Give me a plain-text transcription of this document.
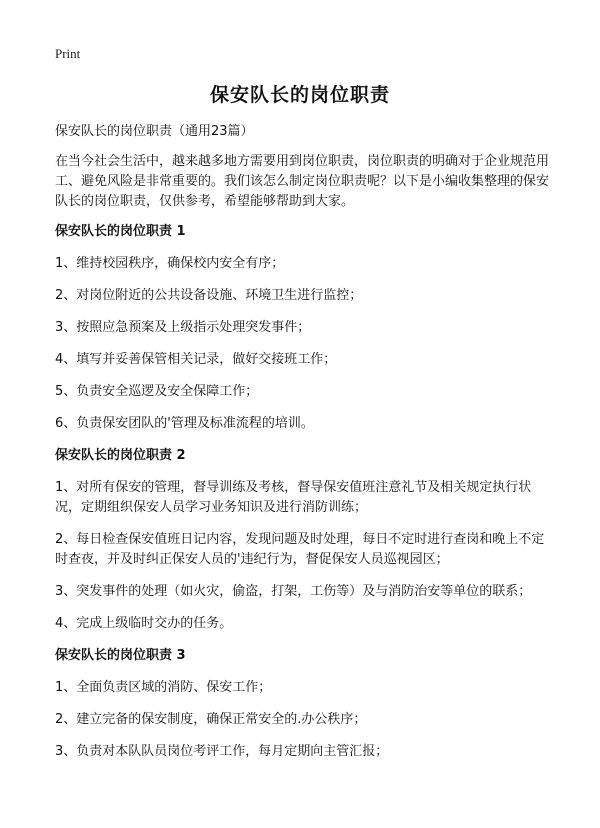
Print
保安队长的岗位职责

保安队长的岗位职责（通用23篇）

在当今社会生活中，越来越多地方需要用到岗位职责，岗位职责的明确对于企业规范用工、避免风险是非常重要的。我们该怎么制定岗位职责呢？以下是小编收集整理的保安队长的岗位职责，仅供参考，希望能够帮助到大家。

保安队长的岗位职责 1

1、维持校园秩序，确保校内安全有序；

2、对岗位附近的公共设备设施、环境卫生进行监控；

3、按照应急预案及上级指示处理突发事件；

4、填写并妥善保管相关记录，做好交接班工作；

5、负责安全巡逻及安全保障工作；

6、负责保安团队的'管理及标准流程的培训。

保安队长的岗位职责 2

1、对所有保安的管理，督导训练及考核，督导保安值班注意礼节及相关规定执行状况，定期组织保安人员学习业务知识及进行消防训练；

2、每日检查保安值班日记内容，发现问题及时处理，每日不定时进行查岗和晚上不定时查夜，并及时纠正保安人员的'违纪行为，督促保安人员巡视园区；

3、突发事件的处理（如火灾，偷盗，打架，工伤等）及与消防治安等单位的联系；

4、完成上级临时交办的任务。

保安队长的岗位职责 3

1、全面负责区域的消防、保安工作；

2、建立完备的保安制度，确保正常安全的.办公秩序；

3、负责对本队队员岗位考评工作，每月定期向主管汇报；
